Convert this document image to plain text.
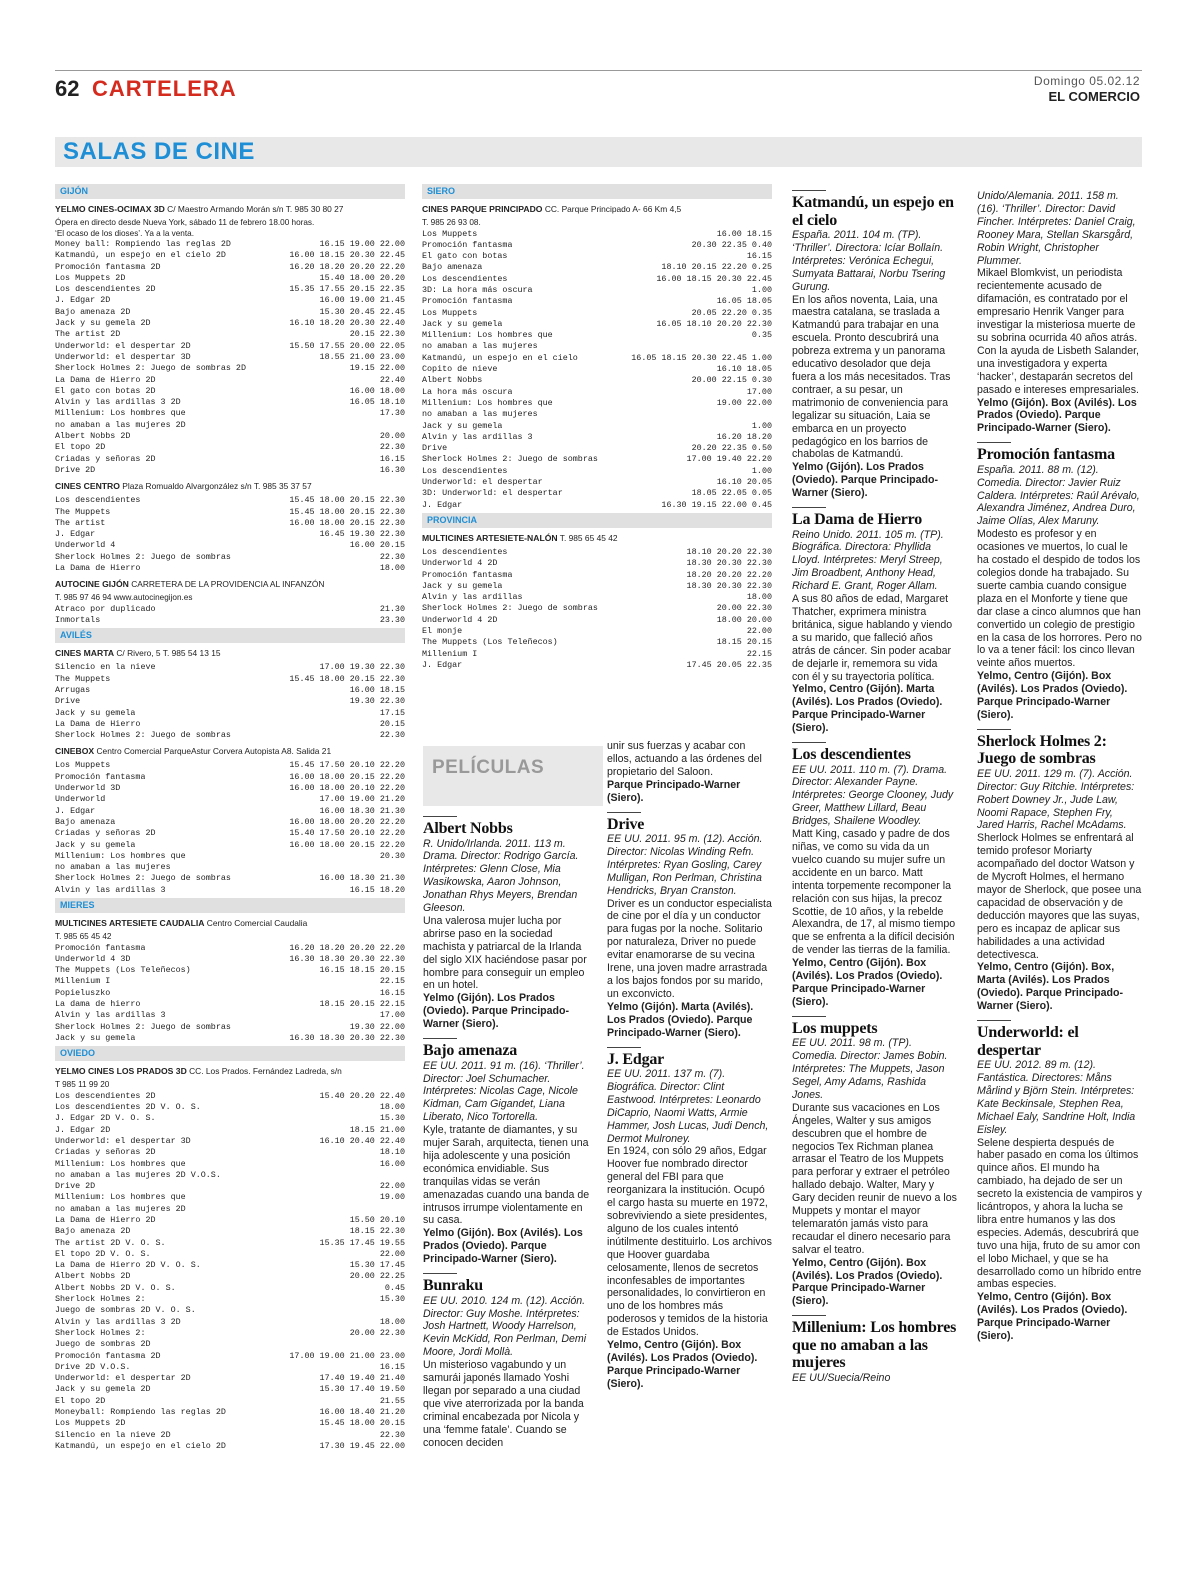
62 CARTELERA	Domingo 05.02.12
EL COMERCIO
SALAS DE CINE
GIJÓN
YELMO CINES-OCIMAX 3D C/ Maestro Armando Morán s/n T. 985 30 80 27
Ópera en directo desde Nueva York, sábado 11 de febrero 18.00 horas.
‘El ocaso de los dioses’. Ya a la venta.
Money ball: Rompiendo las reglas 2D	16.15 19.00 22.00
Katmandú, un espejo en el cielo 2D	16.00 18.15 20.30 22.45
Promoción fantasma 2D	16.20 18.20 20.20 22.20
Los Muppets 2D	15.40 18.00 20.20
Los descendientes 2D	15.35 17.55 20.15 22.35
J. Edgar 2D	16.00 19.00 21.45
Bajo amenaza 2D	15.30 20.45 22.45
Jack y su gemela 2D	16.10 18.20 20.30 22.40
The artist 2D	20.15 22.30
Underworld: el despertar 2D	15.50 17.55 20.00 22.05
Underworld: el despertar 3D	18.55 21.00 23.00
Sherlock Holmes 2: Juego de sombras 2D	19.15 22.00
La Dama de Hierro 2D	22.40
El gato con botas 2D	16.00 18.00
Alvin y las ardillas 3 2D	16.05 18.10
Millenium: Los hombres que
no amaban a las mujeres 2D
17.30
Albert Nobbs 2D	20.00
El topo 2D	22.30
Criadas y señoras 2D	16.15
Drive 2D	16.30
CINES CENTRO Plaza Romualdo Alvargonzález s/n T. 985 35 37 57
Los descendientes	15.45 18.00 20.15 22.30
The Muppets	15.45 18.00 20.15 22.30
The artist	16.00 18.00 20.15 22.30
J. Edgar	16.45 19.30 22.30
Underworld 4	16.00 20.15
Sherlock Holmes 2: Juego de sombras	22.30
La Dama de Hierro	18.00
AUTOCINE GIJÓN CARRETERA DE LA PROVIDENCIA AL INFANZÓN
T. 985 97 46 94 www.autocinegijon.es
Atraco por duplicado	21.30
Inmortals	23.30
AVILÉS
CINES MARTA C/ Rivero, 5 T. 985 54 13 15
Silencio en la nieve	17.00 19.30 22.30
The Muppets	15.45 18.00 20.15 22.30
Arrugas	16.00 18.15
Drive	19.30 22.30
Jack y su gemela	17.15
La Dama de Hierro	20.15
Sherlock Holmes 2: Juego de sombras	22.30
CINEBOX Centro Comercial ParqueAstur Corvera Autopista A8. Salida 21
Los Muppets	15.45 17.50 20.10 22.20
Promoción fantasma	16.00 18.00 20.15 22.20
Underworld 3D	16.00 18.00 20.10 22.20
Underworld	17.00 19.00 21.20
J. Edgar	16.00 18.30 21.30
Bajo amenaza	16.00 18.00 20.20 22.20
Criadas y señoras 2D	15.40 17.50 20.10 22.20
Jack y su gemela	16.00 18.00 20.15 22.20
Millenium: Los hombres que
no amaban a las mujeres
20.30
Sherlock Holmes 2: Juego de sombras	16.00 18.30 21.30
Alvin y las ardillas 3	16.15 18.20
MIERES
MULTICINES ARTESIETE CAUDALIA Centro Comercial Caudalia
T. 985 65 45 42
Promoción fantasma	16.20 18.20 20.20 22.20
Underworld 4 3D	16.30 18.30 20.30 22.30
The Muppets (Los Teleñecos)	16.15 18.15 20.15
Millenium I	22.15
Popieluszko	16.15
La dama de hierro	18.15 20.15 22.15
Alvin y las ardillas 3	17.00
Sherlock Holmes 2: Juego de sombras	19.30 22.00
Jack y su gemela	16.30 18.30 20.30 22.30
OVIEDO
YELMO CINES LOS PRADOS 3D CC. Los Prados. Fernández Ladreda, s/n
T 985 11 99 20
Los descendientes 2D	15.40 20.20 22.40
Los descendientes 2D V. O. S.	18.00
J. Edgar 2D V. O. S.	15.30
J. Edgar 2D	18.15 21.00
Underworld: el despertar 3D	16.10 20.40 22.40
Criadas y señoras 2D	18.10
Millenium: Los hombres que
no amaban a las mujeres 2D V.O.S.
16.00
Drive 2D	22.00
Millenium: Los hombres que
no amaban a las mujeres 2D
19.00
La Dama de Hierro 2D	15.50 20.10
Bajo amenaza 2D	18.15 22.30
The artist 2D V. O. S.	15.35 17.45 19.55
El topo 2D V. O. S.	22.00
La Dama de Hierro 2D V. O. S.	15.30 17.45
Albert Nobbs 2D	20.00 22.25
Albert Nobbs 2D V. O. S.	0.45
Sherlock Holmes 2:
Juego de sombras 2D V. O. S.
15.30
Alvin y las ardillas 3 2D	18.00
Sherlock Holmes 2:
Juego de sombras 2D
20.00 22.30
Promoción fantasma 2D	17.00 19.00 21.00 23.00
Drive 2D V.O.S.	16.15
Underworld: el despertar 2D	17.40 19.40 21.40
Jack y su gemela 2D	15.30 17.40 19.50
El topo 2D	21.55
Moneyball: Rompiendo las reglas 2D	16.00 18.40 21.20
Los Muppets 2D	15.45 18.00 20.15
Silencio en la nieve 2D	22.30
Katmandú, un espejo en el cielo 2D	17.30 19.45 22.00
SIERO
CINES PARQUE PRINCIPADO CC. Parque Principado A- 66 Km 4,5
T. 985 26 93 08.
Los Muppets	16.00 18.15
Promoción fantasma	20.30 22.35 0.40
El gato con botas	16.15
Bajo amenaza	18.10 20.15 22.20 0.25
Los descendientes	16.00 18.15 20.30 22.45
3D: La hora más oscura	1.00
Promoción fantasma	16.05 18.05
Los Muppets	20.05 22.20 0.35
Jack y su gemela	16.05 18.10 20.20 22.30
Millenium: Los hombres que
no amaban a las mujeres
0.35
Katmandú, un espejo en el cielo	16.05 18.15 20.30 22.45 1.00
Copito de nieve	16.10 18.05
Albert Nobbs	20.00 22.15 0.30
La hora más oscura	17.00
Millenium: Los hombres que
no amaban a las mujeres
19.00 22.00
Jack y su gemela	1.00
Alvin y las ardillas 3	16.20 18.20
Drive	20.20 22.35 0.50
Sherlock Holmes 2: Juego de sombras	17.00 19.40 22.20
Los descendientes	1.00
Underworld: el despertar	16.10 20.05
3D: Underworld: el despertar	18.05 22.05 0.05
J. Edgar	16.30 19.15 22.00 0.45
PROVINCIA
MULTICINES ARTESIETE-NALÓN T. 985 65 45 42
Los descendientes	18.10 20.20 22.30
Underworld 4 2D	18.30 20.30 22.30
Promoción fantasma	18.20 20.20 22.20
Jack y su gemela	18.30 20.30 22.30
Alvin y las ardillas	18.00
Sherlock Holmes 2: Juego de sombras	20.00 22.30
Underworld 4 2D	18.00 20.00
El monje	22.00
The Muppets (Los Teleñecos)	18.15 20.15
Millenium I	22.15
J. Edgar	17.45 20.05 22.35
PELÍCULAS
Albert Nobbs
R. Unido/Irlanda. 2011. 113 m. Drama. Director: Rodrigo García. Intérpretes: Glenn Close, Mia Wasikowska, Aaron Johnson, Jonathan Rhys Meyers, Brendan Gleeson.
Una valerosa mujer lucha por abrirse paso en la sociedad machista y patriarcal de la Irlanda del siglo XIX haciéndose pasar por hombre para conseguir un empleo en un hotel.
Yelmo (Gijón). Los Prados (Oviedo). Parque Principado-Warner (Siero).
Bajo amenaza
EE UU. 2011. 91 m. (16). ‘Thriller’. Director: Joel Schumacher. Intérpretes: Nicolas Cage, Nicole Kidman, Cam Gigandet, Liana Liberato, Nico Tortorella.
Kyle, tratante de diamantes, y su mujer Sarah, arquitecta, tienen una hija adolescente y una posición económica envidiable. Sus tranquilas vidas se verán amenazadas cuando una banda de intrusos irrumpe violentamente en su casa.
Yelmo (Gijón). Box (Avilés). Los Prados (Oviedo). Parque Principado-Warner (Siero).
Bunraku
EE UU. 2010. 124 m. (12). Acción. Director: Guy Moshe. Intérpretes: Josh Hartnett, Woody Harrelson, Kevin McKidd, Ron Perlman, Demi Moore, Jordi Mollà.
Un misterioso vagabundo y un samurái japonés llamado Yoshi llegan por separado a una ciudad que vive aterrorizada por la banda criminal encabezada por Nicola y una ‘femme fatale’. Cuando se conocen deciden
unir sus fuerzas y acabar con ellos, actuando a las órdenes del propietario del Saloon.
Parque Principado-Warner (Siero).
Drive
EE UU. 2011. 95 m. (12). Acción. Director: Nicolas Winding Refn. Intérpretes: Ryan Gosling, Carey Mulligan, Ron Perlman, Christina Hendricks, Bryan Cranston.
Driver es un conductor especialista de cine por el día y un conductor para fugas por la noche. Solitario por naturaleza, Driver no puede evitar enamorarse de su vecina Irene, una joven madre arrastrada a los bajos fondos por su marido, un exconvicto.
Yelmo (Gijón). Marta (Avilés). Los Prados (Oviedo). Parque Principado-Warner (Siero).
J. Edgar
EE UU. 2011. 137 m. (7). Biográfica. Director: Clint Eastwood. Intérpretes: Leonardo DiCaprio, Naomi Watts, Armie Hammer, Josh Lucas, Judi Dench, Dermot Mulroney.
En 1924, con sólo 29 años, Edgar Hoover fue nombrado director general del FBI para que reorganizara la institución. Ocupó el cargo hasta su muerte en 1972, sobreviviendo a siete presidentes, alguno de los cuales intentó inútilmente destituirlo. Los archivos que Hoover guardaba celosamente, llenos de secretos inconfesables de importantes personalidades, lo convirtieron en uno de los hombres más poderosos y temidos de la historia de Estados Unidos.
Yelmo, Centro (Gijón). Box (Avilés). Los Prados (Oviedo). Parque Principado-Warner (Siero).
Katmandú, un espejo en el cielo
España. 2011. 104 m. (TP). ‘Thriller’. Directora: Icíar Bollaín. Intérpretes: Verónica Echegui, Sumyata Battarai, Norbu Tsering Gurung.
En los años noventa, Laia, una maestra catalana, se traslada a Katmandú para trabajar en una escuela. Pronto descubrirá una pobreza extrema y un panorama educativo desolador que deja fuera a los más necesitados. Tras contraer, a su pesar, un matrimonio de conveniencia para legalizar su situación, Laia se embarca en un proyecto pedagógico en los barrios de chabolas de Katmandú.
Yelmo (Gijón). Los Prados (Oviedo). Parque Principado-Warner (Siero).
La Dama de Hierro
Reino Unido. 2011. 105 m. (TP). Biográfica. Directora: Phyllida Lloyd. Intérpretes: Meryl Streep, Jim Broadbent, Anthony Head, Richard E. Grant, Roger Allam.
A sus 80 años de edad, Margaret Thatcher, exprimera ministra británica, sigue hablando y viendo a su marido, que falleció años atrás de cáncer. Sin poder acabar de dejarle ir, rememora su vida con él y su trayectoria política.
Yelmo, Centro (Gijón). Marta (Avilés). Los Prados (Oviedo). Parque Principado-Warner (Siero).
Los descendientes
EE UU. 2011. 110 m. (7). Drama. Director: Alexander Payne. Intérpretes: George Clooney, Judy Greer, Matthew Lillard, Beau Bridges, Shailene Woodley.
Matt King, casado y padre de dos niñas, ve como su vida da un vuelco cuando su mujer sufre un accidente en un barco. Matt intenta torpemente recomponer la relación con sus hijas, la precoz Scottie, de 10 años, y la rebelde Alexandra, de 17, al mismo tiempo que se enfrenta a la difícil decisión de vender las tierras de la familia.
Yelmo, Centro (Gijón). Box (Avilés). Los Prados (Oviedo). Parque Principado-Warner (Siero).
Los muppets
EE UU. 2011. 98 m. (TP). Comedia. Director: James Bobin. Intérpretes: The Muppets, Jason Segel, Amy Adams, Rashida Jones.
Durante sus vacaciones en Los Ángeles, Walter y sus amigos descubren que el hombre de negocios Tex Richman planea arrasar el Teatro de los Muppets para perforar y extraer el petróleo hallado debajo. Walter, Mary y Gary deciden reunir de nuevo a los Muppets y montar el mayor telemaratón jamás visto para recaudar el dinero necesario para salvar el teatro.
Yelmo, Centro (Gijón). Box (Avilés). Los Prados (Oviedo). Parque Principado-Warner (Siero).
Millenium: Los hombres que no amaban a las mujeres
EE UU/Suecia/Reino
Unido/Alemania. 2011. 158 m. (16). ‘Thriller’. Director: David Fincher. Intérpretes: Daniel Craig, Rooney Mara, Stellan Skarsgård, Robin Wright, Christopher Plummer.
Mikael Blomkvist, un periodista recientemente acusado de difamación, es contratado por el empresario Henrik Vanger para investigar la misteriosa muerte de su sobrina ocurrida 40 años atrás. Con la ayuda de Lisbeth Salander, una investigadora y experta ‘hacker’, destaparán secretos del pasado e intereses empresariales.
Yelmo (Gijón). Box (Avilés). Los Prados (Oviedo). Parque Principado-Warner (Siero).
Promoción fantasma
España. 2011. 88 m. (12). Comedia. Director: Javier Ruiz Caldera. Intérpretes: Raúl Arévalo, Alexandra Jiménez, Andrea Duro, Jaime Olías, Alex Maruny.
Modesto es profesor y en ocasiones ve muertos, lo cual le ha costado el despido de todos los colegios donde ha trabajado. Su suerte cambia cuando consigue plaza en el Monforte y tiene que dar clase a cinco alumnos que han convertido un colegio de prestigio en la casa de los horrores. Pero no lo va a tener fácil: los cinco llevan veinte años muertos.
Yelmo, Centro (Gijón). Box (Avilés). Los Prados (Oviedo). Parque Principado-Warner (Siero).
Sherlock Holmes 2: Juego de sombras
EE UU. 2011. 129 m. (7). Acción. Director: Guy Ritchie. Intérpretes: Robert Downey Jr., Jude Law, Noomi Rapace, Stephen Fry, Jared Harris, Rachel McAdams.
Sherlock Holmes se enfrentará al temido profesor Moriarty acompañado del doctor Watson y de Mycroft Holmes, el hermano mayor de Sherlock, que posee una capacidad de observación y de deducción mayores que las suyas, pero es incapaz de aplicar sus habilidades a una actividad detectivesca.
Yelmo, Centro (Gijón). Box, Marta (Avilés). Los Prados (Oviedo). Parque Principado-Warner (Siero).
Underworld: el despertar
EE UU. 2012. 89 m. (12). Fantástica. Directores: Måns Mårlind y Björn Stein. Intérpretes: Kate Beckinsale, Stephen Rea, Michael Ealy, Sandrine Holt, India Eisley.
Selene despierta después de haber pasado en coma los últimos quince años. El mundo ha cambiado, ha dejado de ser un secreto la existencia de vampiros y licántropos, y ahora la lucha se libra entre humanos y las dos especies. Además, descubrirá que tuvo una hija, fruto de su amor con el lobo Michael, y que se ha desarrollado como un híbrido entre ambas especies.
Yelmo, Centro (Gijón). Box (Avilés). Los Prados (Oviedo). Parque Principado-Warner (Siero).
